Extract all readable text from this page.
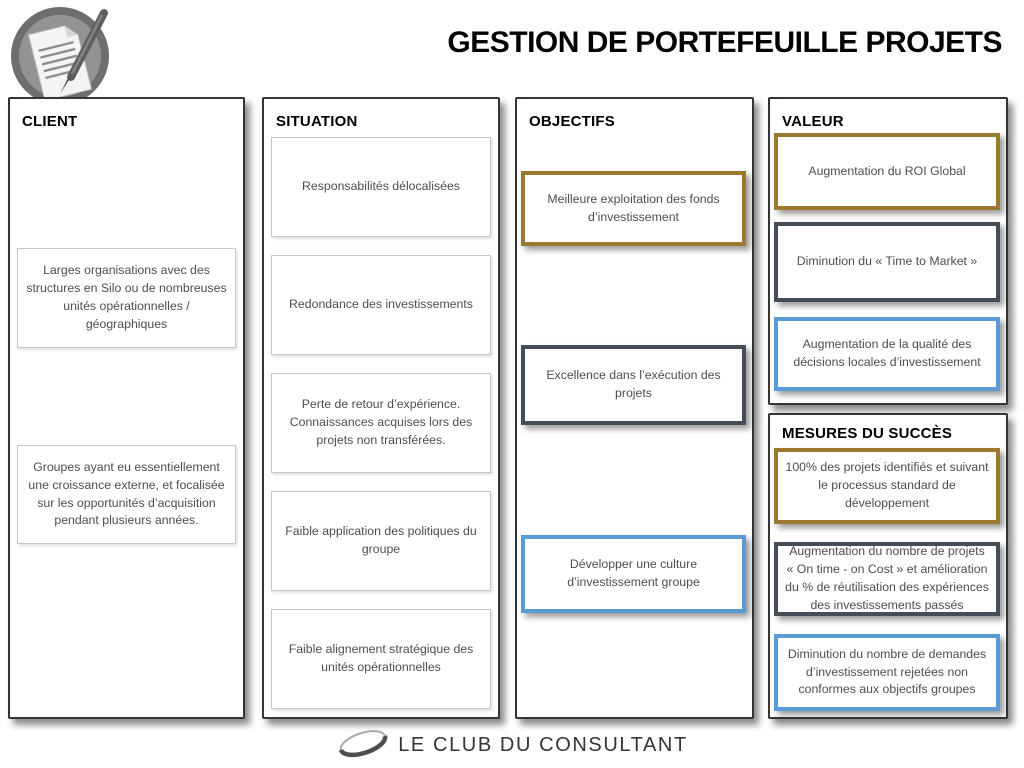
GESTION DE PORTEFEUILLE PROJETS
CLIENT
Larges organisations avec des structures en Silo ou de nombreuses unités opérationnelles / géographiques
Groupes ayant eu essentiellement une croissance externe, et focalisée sur les opportunités d’acquisition pendant plusieurs années.
SITUATION
Responsabilités délocalisées
Redondance des investissements
Perte de retour d’expérience. Connaissances acquises lors des projets non transférées.
Faible application des politiques du groupe
Faible alignement stratégique des unités opérationnelles
OBJECTIFS
Meilleure exploitation des fonds d’investissement
Excellence dans l’exécution des projets
Développer une culture d’investissement groupe
VALEUR
Augmentation du ROI Global
Diminution du « Time to Market »
Augmentation de la qualité des décisions locales d’investissement
MESURES DU SUCCÈS
100% des projets identifiés et suivant le processus standard de développement
Augmentation du nombre de projets « On time - on Cost » et amélioration du % de réutilisation des expériences des investissements passés
Diminution du nombre de demandes d’investissement rejetées non conformes aux objectifs groupes
LE CLUB DU CONSULTANT
